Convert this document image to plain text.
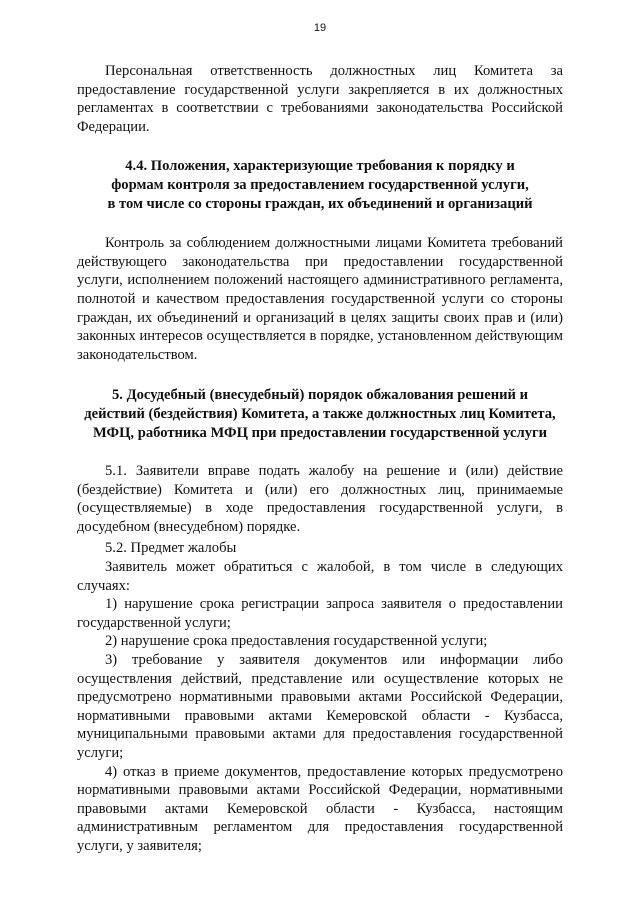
19

Персональная ответственность должностных лиц Комитета за предоставление государственной услуги закрепляется в их должностных регламентах в соответствии с требованиями законодательства Российской Федерации.

4.4. Положения, характеризующие требования к порядку и формам контроля за предоставлением государственной услуги, в том числе со стороны граждан, их объединений и организаций

Контроль за соблюдением должностными лицами Комитета требований действующего законодательства при предоставлении государственной услуги, исполнением положений настоящего административного регламента, полнотой и качеством предоставления государственной услуги со стороны граждан, их объединений и организаций в целях защиты своих прав и (или) законных интересов осуществляется в порядке, установленном действующим законодательством.

5. Досудебный (внесудебный) порядок обжалования решений и действий (бездействия) Комитета, а также должностных лиц Комитета, МФЦ, работника МФЦ при предоставлении государственной услуги

5.1. Заявители вправе подать жалобу на решение и (или) действие (бездействие) Комитета и (или) его должностных лиц, принимаемые (осуществляемые) в ходе предоставления государственной услуги, в досудебном (внесудебном) порядке.

5.2. Предмет жалобы

Заявитель может обратиться с жалобой, в том числе в следующих случаях:

1) нарушение срока регистрации запроса заявителя о предоставлении государственной услуги;

2) нарушение срока предоставления государственной услуги;

3) требование у заявителя документов или информации либо осуществления действий, представление или осуществление которых не предусмотрено нормативными правовыми актами Российской Федерации, нормативными правовыми актами Кемеровской области - Кузбасса, муниципальными правовыми актами для предоставления государственной услуги;

4) отказ в приеме документов, предоставление которых предусмотрено нормативными правовыми актами Российской Федерации, нормативными правовыми актами Кемеровской области - Кузбасса, настоящим административным регламентом для предоставления государственной услуги, у заявителя;
